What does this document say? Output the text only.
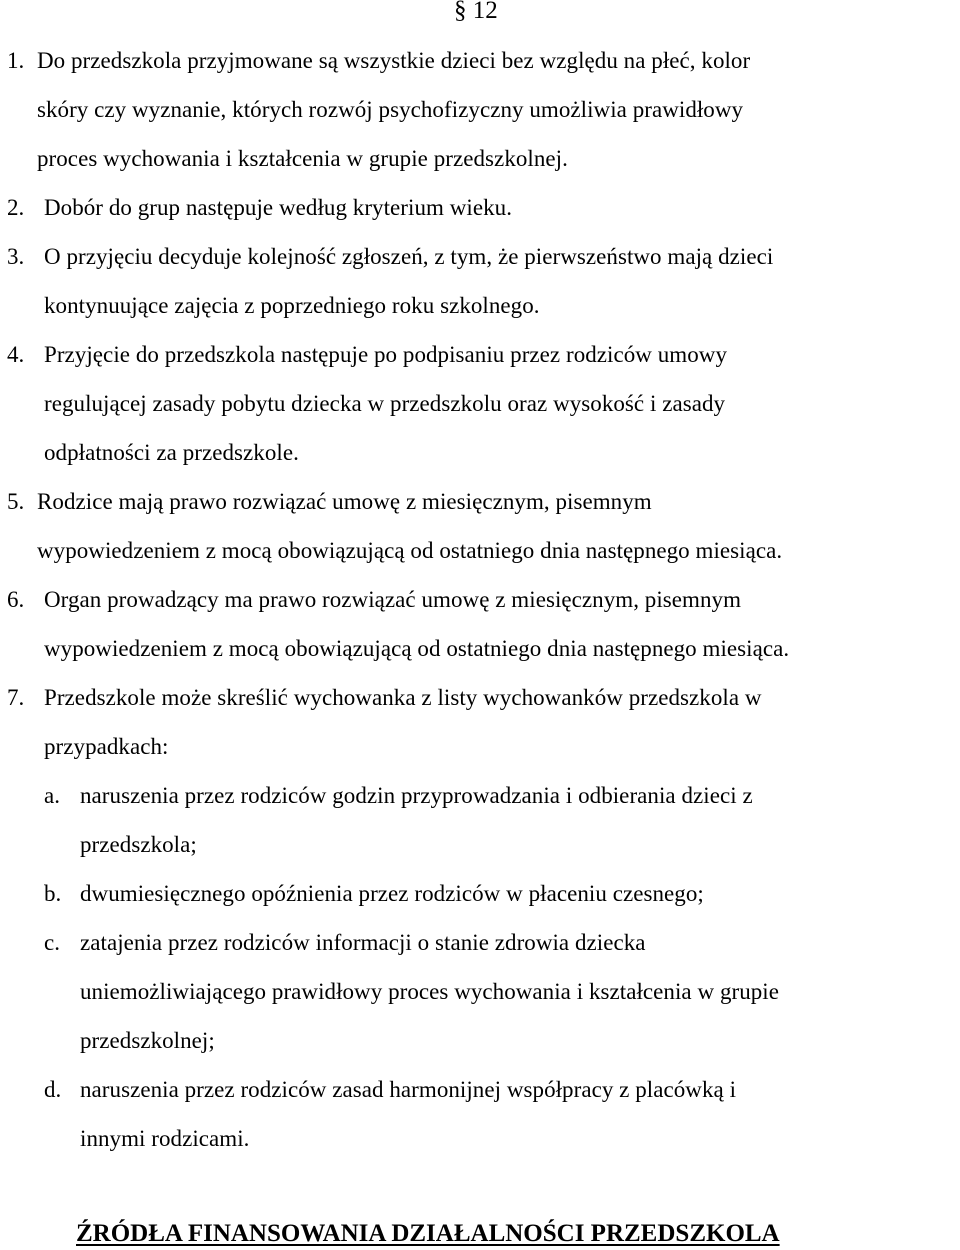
§ 12
1. Do przedszkola przyjmowane są wszystkie dzieci bez względu na płeć, kolor
skóry czy wyznanie, których rozwój psychofizyczny umożliwia prawidłowy
proces wychowania i kształcenia w grupie przedszkolnej.
2. Dobór do grup następuje według kryterium wieku.
3. O przyjęciu decyduje kolejność zgłoszeń, z tym, że pierwszeństwo mają dzieci
kontynuujące zajęcia z poprzedniego roku szkolnego.
4. Przyjęcie do przedszkola następuje po podpisaniu przez rodziców umowy
regulującej zasady pobytu dziecka w przedszkolu oraz wysokość i zasady
odpłatności za przedszkole.
5. Rodzice mają prawo rozwiązać umowę z miesięcznym, pisemnym
wypowiedzeniem z mocą obowiązującą od ostatniego dnia następnego miesiąca.
6. Organ prowadzący ma prawo rozwiązać umowę z miesięcznym, pisemnym
wypowiedzeniem z mocą obowiązującą od ostatniego dnia następnego miesiąca.
7. Przedszkole może skreślić wychowanka z listy wychowanków przedszkola w
przypadkach:
a. naruszenia przez rodziców godzin przyprowadzania i odbierania dzieci z
przedszkola;
b. dwumiesięcznego opóźnienia przez rodziców w płaceniu czesnego;
c. zatajenia przez rodziców informacji o stanie zdrowia dziecka
uniemożliwiającego prawidłowy proces wychowania i kształcenia w grupie
przedszkolnej;
d. naruszenia przez rodziców zasad harmonijnej współpracy z placówką i
innymi rodzicami.
ŹRÓDŁA FINANSOWANIA DZIAŁALNOŚCI PRZEDSZKOLA
